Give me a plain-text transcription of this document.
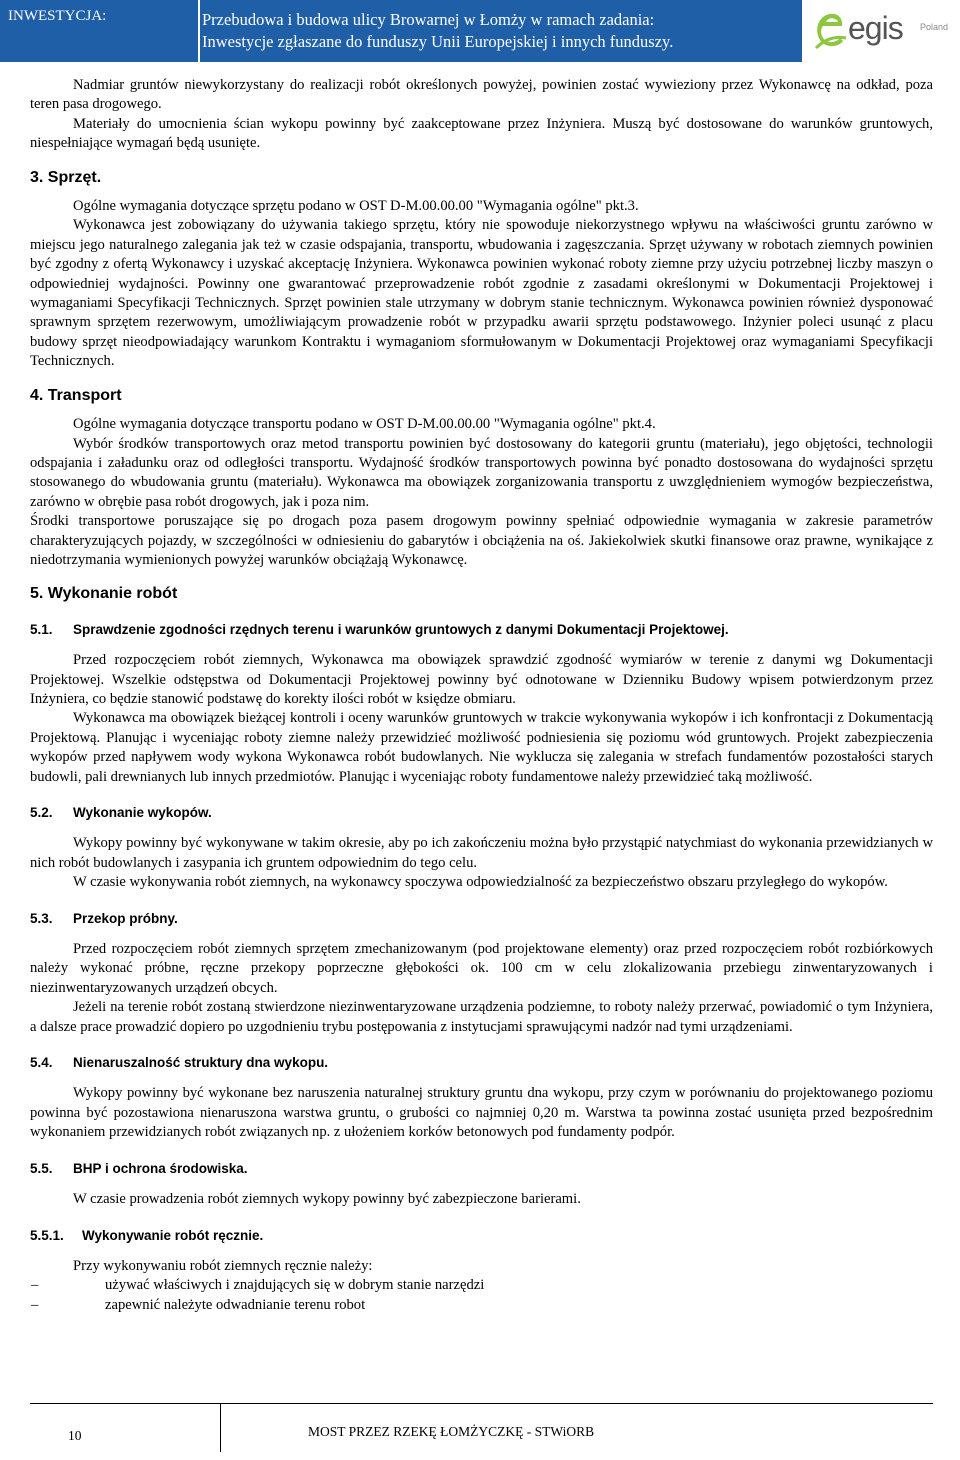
INWESTYCJA:	Przebudowa i budowa ulicy Browarnej w Łomży w ramach zadania:
Inwestycje zgłaszane do funduszy Unii Europejskiej i innych funduszy.	egis Poland

Nadmiar gruntów niewykorzystany do realizacji robót określonych powyżej, powinien zostać wywieziony przez Wykonawcę na odkład, poza teren pasa drogowego.

Materiały do umocnienia ścian wykopu powinny być zaakceptowane przez Inżyniera. Muszą być dostosowane do warunków gruntowych, niespełniające wymagań będą usunięte.

3. Sprzęt.

Ogólne wymagania dotyczące sprzętu podano w OST D-M.00.00.00 "Wymagania ogólne" pkt.3.

Wykonawca jest zobowiązany do używania takiego sprzętu, który nie spowoduje niekorzystnego wpływu na właściwości gruntu zarówno w miejscu jego naturalnego zalegania jak też w czasie odspajania, transportu, wbudowania i zagęszczania. Sprzęt używany w robotach ziemnych powinien być zgodny z ofertą Wykonawcy i uzyskać akceptację Inżyniera. Wykonawca powinien wykonać roboty ziemne przy użyciu potrzebnej liczby maszyn o odpowiedniej wydajności. Powinny one gwarantować przeprowadzenie robót zgodnie z zasadami określonymi w Dokumentacji Projektowej i wymaganiami Specyfikacji Technicznych. Sprzęt powinien stale utrzymany w dobrym stanie technicznym. Wykonawca powinien również dysponować sprawnym sprzętem rezerwowym, umożliwiającym prowadzenie robót w przypadku awarii sprzętu podstawowego. Inżynier poleci usunąć z placu budowy sprzęt nieodpowiadający warunkom Kontraktu i wymaganiom sformułowanym w Dokumentacji Projektowej oraz wymaganiami Specyfikacji Technicznych.

4. Transport

Ogólne wymagania dotyczące transportu podano w OST D-M.00.00.00 "Wymagania ogólne" pkt.4.

Wybór środków transportowych oraz metod transportu powinien być dostosowany do kategorii gruntu (materiału), jego objętości, technologii odspajania i załadunku oraz od odległości transportu. Wydajność środków transportowych powinna być ponadto dostosowana do wydajności sprzętu stosowanego do wbudowania gruntu (materiału). Wykonawca ma obowiązek zorganizowania transportu z uwzględnieniem wymogów bezpieczeństwa, zarówno w obrębie pasa robót drogowych, jak i poza nim.

Środki transportowe poruszające się po drogach poza pasem drogowym powinny spełniać odpowiednie wymagania w zakresie parametrów charakteryzujących pojazdy, w szczególności w odniesieniu do gabarytów i obciążenia na oś. Jakiekolwiek skutki finansowe oraz prawne, wynikające z niedotrzymania wymienionych powyżej warunków obciążają Wykonawcę.

5. Wykonanie robót
5.1.	Sprawdzenie zgodności rzędnych terenu i warunków gruntowych z danymi Dokumentacji Projektowej.

Przed rozpoczęciem robót ziemnych, Wykonawca ma obowiązek sprawdzić zgodność wymiarów w terenie z danymi wg Dokumentacji Projektowej. Wszelkie odstępstwa od Dokumentacji Projektowej powinny być odnotowane w Dzienniku Budowy wpisem potwierdzonym przez Inżyniera, co będzie stanowić podstawę do korekty ilości robót w księdze obmiaru.

Wykonawca ma obowiązek bieżącej kontroli i oceny warunków gruntowych w trakcie wykonywania wykopów i ich konfrontacji z Dokumentacją Projektową. Planując i wyceniając roboty ziemne należy przewidzieć możliwość podniesienia się poziomu wód gruntowych. Projekt zabezpieczenia wykopów przed napływem wody wykona Wykonawca robót budowlanych. Nie wyklucza się zalegania w strefach fundamentów pozostałości starych budowli, pali drewnianych lub innych przedmiotów. Planując i wyceniając roboty fundamentowe należy przewidzieć taką możliwość.

5.2.	Wykonanie wykopów.

Wykopy powinny być wykonywane w takim okresie, aby po ich zakończeniu można było przystąpić natychmiast do wykonania przewidzianych w nich robót budowlanych i zasypania ich gruntem odpowiednim do tego celu.

W czasie wykonywania robót ziemnych, na wykonawcy spoczywa odpowiedzialność za bezpieczeństwo obszaru przyległego do wykopów.

5.3.	Przekop próbny.

Przed rozpoczęciem robót ziemnych sprzętem zmechanizowanym (pod projektowane elementy) oraz przed rozpoczęciem robót rozbiórkowych należy wykonać próbne, ręczne przekopy poprzeczne głębokości ok. 100 cm w celu zlokalizowania przebiegu zinwentaryzowanych i niezinwentaryzowanych urządzeń obcych.

Jeżeli na terenie robót zostaną stwierdzone niezinwentaryzowane urządzenia podziemne, to roboty należy przerwać, powiadomić o tym Inżyniera, a dalsze prace prowadzić dopiero po uzgodnieniu trybu postępowania z instytucjami sprawującymi nadzór nad tymi urządzeniami.

5.4.	Nienaruszalność struktury dna wykopu.

Wykopy powinny być wykonane bez naruszenia naturalnej struktury gruntu dna wykopu, przy czym w porównaniu do projektowanego poziomu powinna być pozostawiona nienaruszona warstwa gruntu, o grubości co najmniej 0,20 m. Warstwa ta powinna zostać usunięta przed bezpośrednim wykonaniem przewidzianych robót związanych np. z ułożeniem korków betonowych pod fundamenty podpór.

5.5.	BHP i ochrona środowiska.

W czasie prowadzenia robót ziemnych wykopy powinny być zabezpieczone barierami.

5.5.1.	Wykonywanie robót ręcznie.

Przy wykonywaniu robót ziemnych ręcznie należy:

–	używać właściwych i znajdujących się w dobrym stanie narzędzi
–	zapewnić należyte odwadnianie terenu robot
10	MOST PRZEZ RZEKĘ ŁOMŻYCZKĘ - STWiORB
